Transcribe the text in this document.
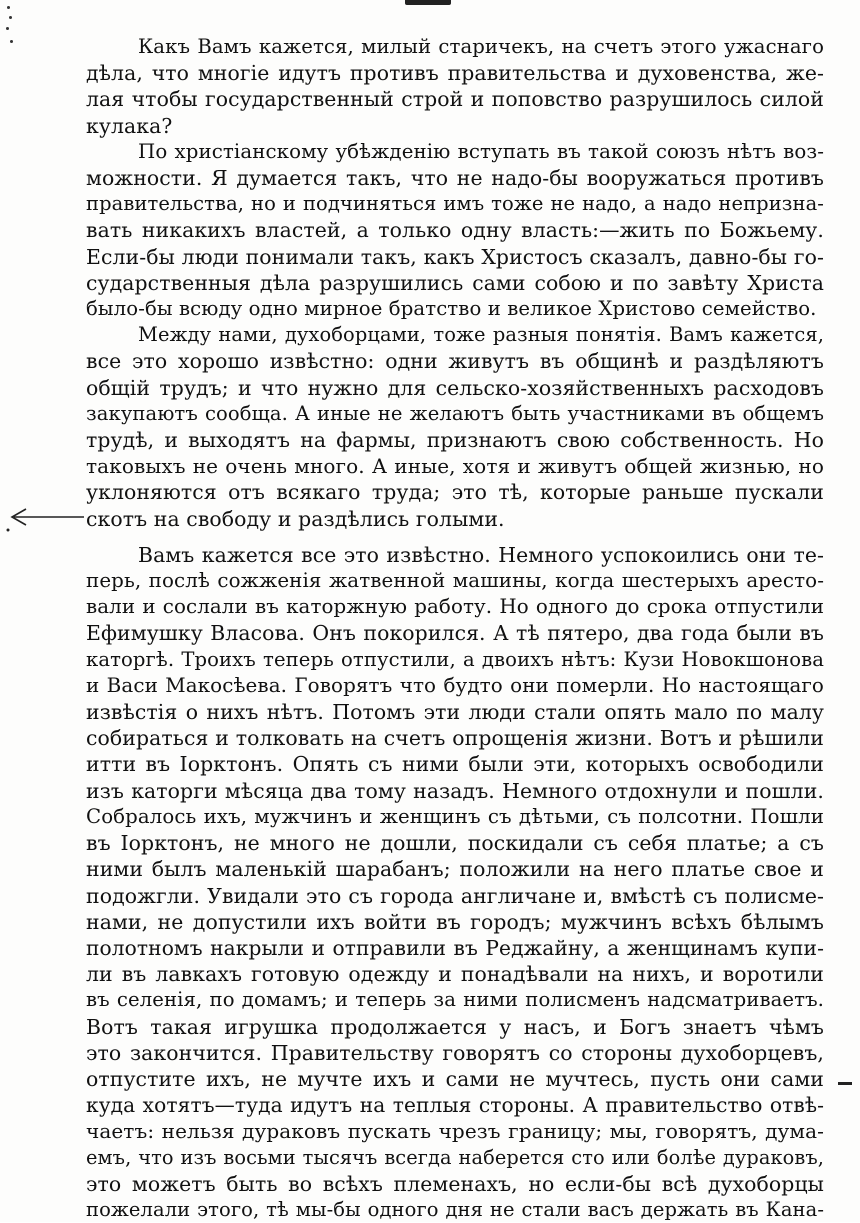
Какъ Вамъ кажется, милый старичекъ, на счетъ этого ужаснаго
дѣла, что многіе идутъ противъ правительства и духовенства, же-
лая чтобы государственный строй и поповство разрушилось силой
кулака?

По христіанскому убѣжденію вступать въ такой союзъ нѣтъ воз-
можности. Я думается такъ, что не надо-бы вооружаться противъ
правительства, но и подчиняться имъ тоже не надо, а надо непризна-
вать никакихъ властей, а только одну власть:—жить по Божьему.
Если-бы люди понимали такъ, какъ Христосъ сказалъ, давно-бы го-
сударственныя дѣла разрушились сами собою и по завѣту Христа
было-бы всюду одно мирное братство и великое Христово семейство.

Между нами, духоборцами, тоже разныя понятія. Вамъ кажется,
все это хорошо извѣстно: одни живутъ въ общинѣ и раздѣляютъ
общій трудъ; и что нужно для сельско-хозяйственныхъ расходовъ
закупаютъ сообща. А иные не желаютъ быть участниками въ общемъ
трудѣ, и выходятъ на фармы, признаютъ свою собственность. Но
таковыхъ не очень много. А иные, хотя и живутъ общей жизнью, но
уклоняются отъ всякаго труда; это тѣ, которые раньше пускали
скотъ на свободу и раздѣлись голыми.

Вамъ кажется все это извѣстно. Немного успокоились они те-
перь, послѣ сожженія жатвенной машины, когда шестерыхъ аресто-
вали и сослали въ каторжную работу. Но одного до срока отпустили
Ефимушку Власова. Онъ покорился. А тѣ пятеро, два года были въ
каторгѣ. Троихъ теперь отпустили, а двоихъ нѣтъ: Кузи Новокшонова
и Васи Макосѣева. Говорятъ что будто они померли. Но настоящаго
извѣстія о нихъ нѣтъ. Потомъ эти люди стали опять мало по малу
собираться и толковать на счетъ опрощенія жизни. Вотъ и рѣшили
итти въ Іорктонъ. Опять съ ними были эти, которыхъ освободили
изъ каторги мѣсяца два тому назадъ. Немного отдохнули и пошли.
Собралось ихъ, мужчинъ и женщинъ съ дѣтьми, съ полсотни. Пошли
въ Іорктонъ, не много не дошли, поскидали съ себя платье; а съ
ними былъ маленькій шарабанъ; положили на него платье свое и
подожгли. Увидали это съ города англичане и, вмѣстѣ съ полисме-
нами, не допустили ихъ войти въ городъ; мужчинъ всѣхъ бѣлымъ
полотномъ накрыли и отправили въ Реджайну, а женщинамъ купи-
ли въ лавкахъ готовую одежду и понадѣвали на нихъ, и воротили
въ селенія, по домамъ; и теперь за ними полисменъ надсматриваетъ.
Вотъ такая игрушка продолжается у насъ, и Богъ знаетъ чѣмъ
это закончится. Правительству говорятъ со стороны духоборцевъ,
отпустите ихъ, не мучте ихъ и сами не мучтесь, пусть они сами
куда хотятъ—туда идутъ на теплыя стороны. А правительство отвѣ-
чаетъ: нельзя дураковъ пускать чрезъ границу; мы, говорятъ, дума-
емъ, что изъ восьми тысячъ всегда наберется сто или болѣе дураковъ,
это можетъ быть во всѣхъ племенахъ, но если-бы всѣ духоборцы
пожелали этого, тѣ мы-бы одного дня не стали васъ держать въ Кана-
